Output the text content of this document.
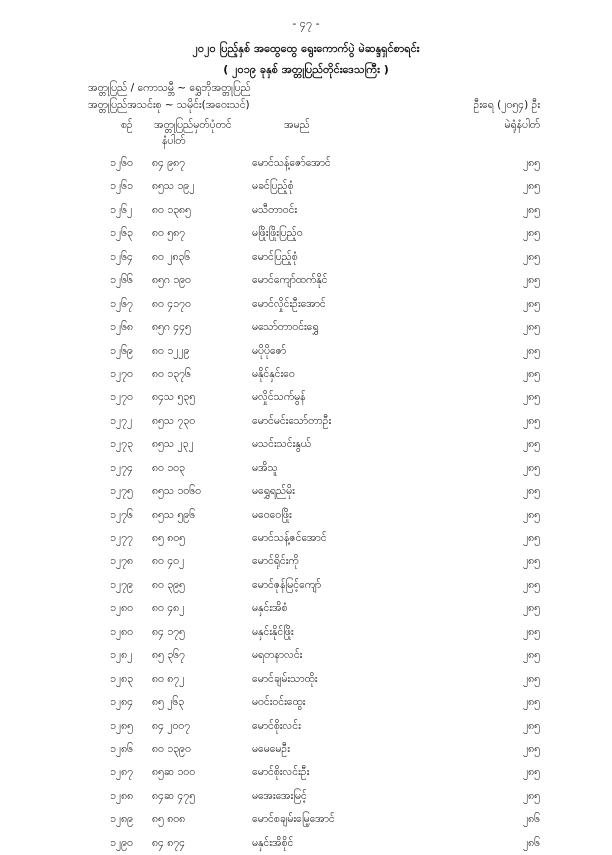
- ၄၇ -
၂၀၂၀ ပြည့်နှစ် အထွေထွေ ရွေးကောက်ပွဲ မဲဆန္ဒရှင်စာရင်း
( ၂၀၁၉ ခုနှစ် အတ္တုပြည်တိုင်းဒေသကြီး )
အတ္တုပြည် / ကောသမ္ဘီ ~ ရွှေဘိုအတ္တုပြည်
အတ္တုပြည်အသင်းစု ~ သမိုင်း(အဝေးသင်)	ဦးရေ (၂၀၅၄) ဦး
စဉ် အတ္တုပြည်မှတ်ပုံတင်
နံပါတ်
အမည်	မဲရုံနံပါတ်
၁၂၆၀ ၈၄ ၉၈၇	မောင်သန့်ဇော်အောင်	၂၈၅
၁၂၆၁ ၈၅သ ၁၉၂	မခင်ပြည့်စုံ	၂၈၅
၁၂၆၂ ၈၀ ၁၃၈၅	မသီတာဝင်း	၂၈၅
၁၂၆၃ ၈၀ ၅၈၇	မဖြိုးဖြိုးပြည့်ဝ	၂၈၅
၁၂၆၄ ၈၀ ၂၈၃၆	မောင်ပြည့်စုံ	၂၈၅
၁၂၆၆ ၈၅ဂ ၁၉၀	မောင်ကျော်ထက်နိုင်	၂၈၅
၁၂၆၇ ၈၀ ၄၁၇၀	မောင်လှိုင်းဦးအောင်	၂၈၅
၁၂၆၈ ၈၅ဂ ၄၄၅	မသော်တာဝင်းရွှေ	၂၈၅
၁၂၆၉ ၈၀ ၁၂၂၉	မပိုပိုဇော်	၂၈၅
၁၂၇၀ ၈၀ ၁၃၇၆	မနိုင်နှင်းဝေ	၂၈၅
၁၂၇၀ ၈၄သ ၅၃၅	မလှိုင်သက်မွန်	၂၈၅
၁၂၇၂ ၈၅သ ၇၃၀	မောင်မင်းသော်တာဦး	၂၈၅
၁၂၇၃ ၈၅သ ၂၃၂	မသင်းသင်းနွယ်	၂၈၅
၁၂၇၄ ၈၀ ၁၀၃	မအိသူ	၂၈၅
၁၂၇၅ ၈၅သ ၁၀၆၀	မရွှေရည်မိုး	၂၈၅
၁၂၇၆ ၈၅သ ၅၉၆	မဝေဝေဖြိုး	၂၈၅
၁၂၇၇ ၈၅ ၈၀၅	မောင်သန့်ဇင်အောင်	၂၈၅
၁၂၇၈ ၈၀ ၄၀၂	မောင်ရိုင်းကို	၂၈၅
၁၂၇၉ ၈၀ ၃၉၅	မောင်ဇုန်မြင့်ကျော်	၂၈၅
၁၂၈၀ ၈၀ ၄၈၂	မနှင်းအိစံ	၂၈၅
၁၂၈၀ ၈၄ ၁၇၅	မနှင်းနိုင်ဖြိုး	၂၈၅
၁၂၈၂ ၈၅ ၃၆၇	မရတနာလင်း	၂၈၅
၁၂၈၃ ၈၀ ၈၇၂	မောင်ချမ်းသာထိုး	၂၈၅
၁၂၈၄ ၈၅ ၂၆၃	မဝင်းဝင်းထွေး	၂၈၅
၁၂၈၅ ၈၄ ၂၀၀၇	မောင်စိုးလင်း	၂၈၅
၁၂၈၆ ၈၀ ၁၃၉၀	မမေမေဦး	၂၈၅
၁၂၈၇ ၈၅ဆ ၁၀၀	မောင်စိုးလင်းဦး	၂၈၅
၁၂၈၈ ၈၄ဆ ၄၇၅	မအေးအေးမြင့်	၂၈၅
၁၂၈၉ ၈၅ ၈၀၈	မောင်စချမ်းမြေ့အောင်	၂၈၆
၁၂၉၀ ၈၄ ၈၇၄	မနှင်းအိစိုင်	၂၈၆
